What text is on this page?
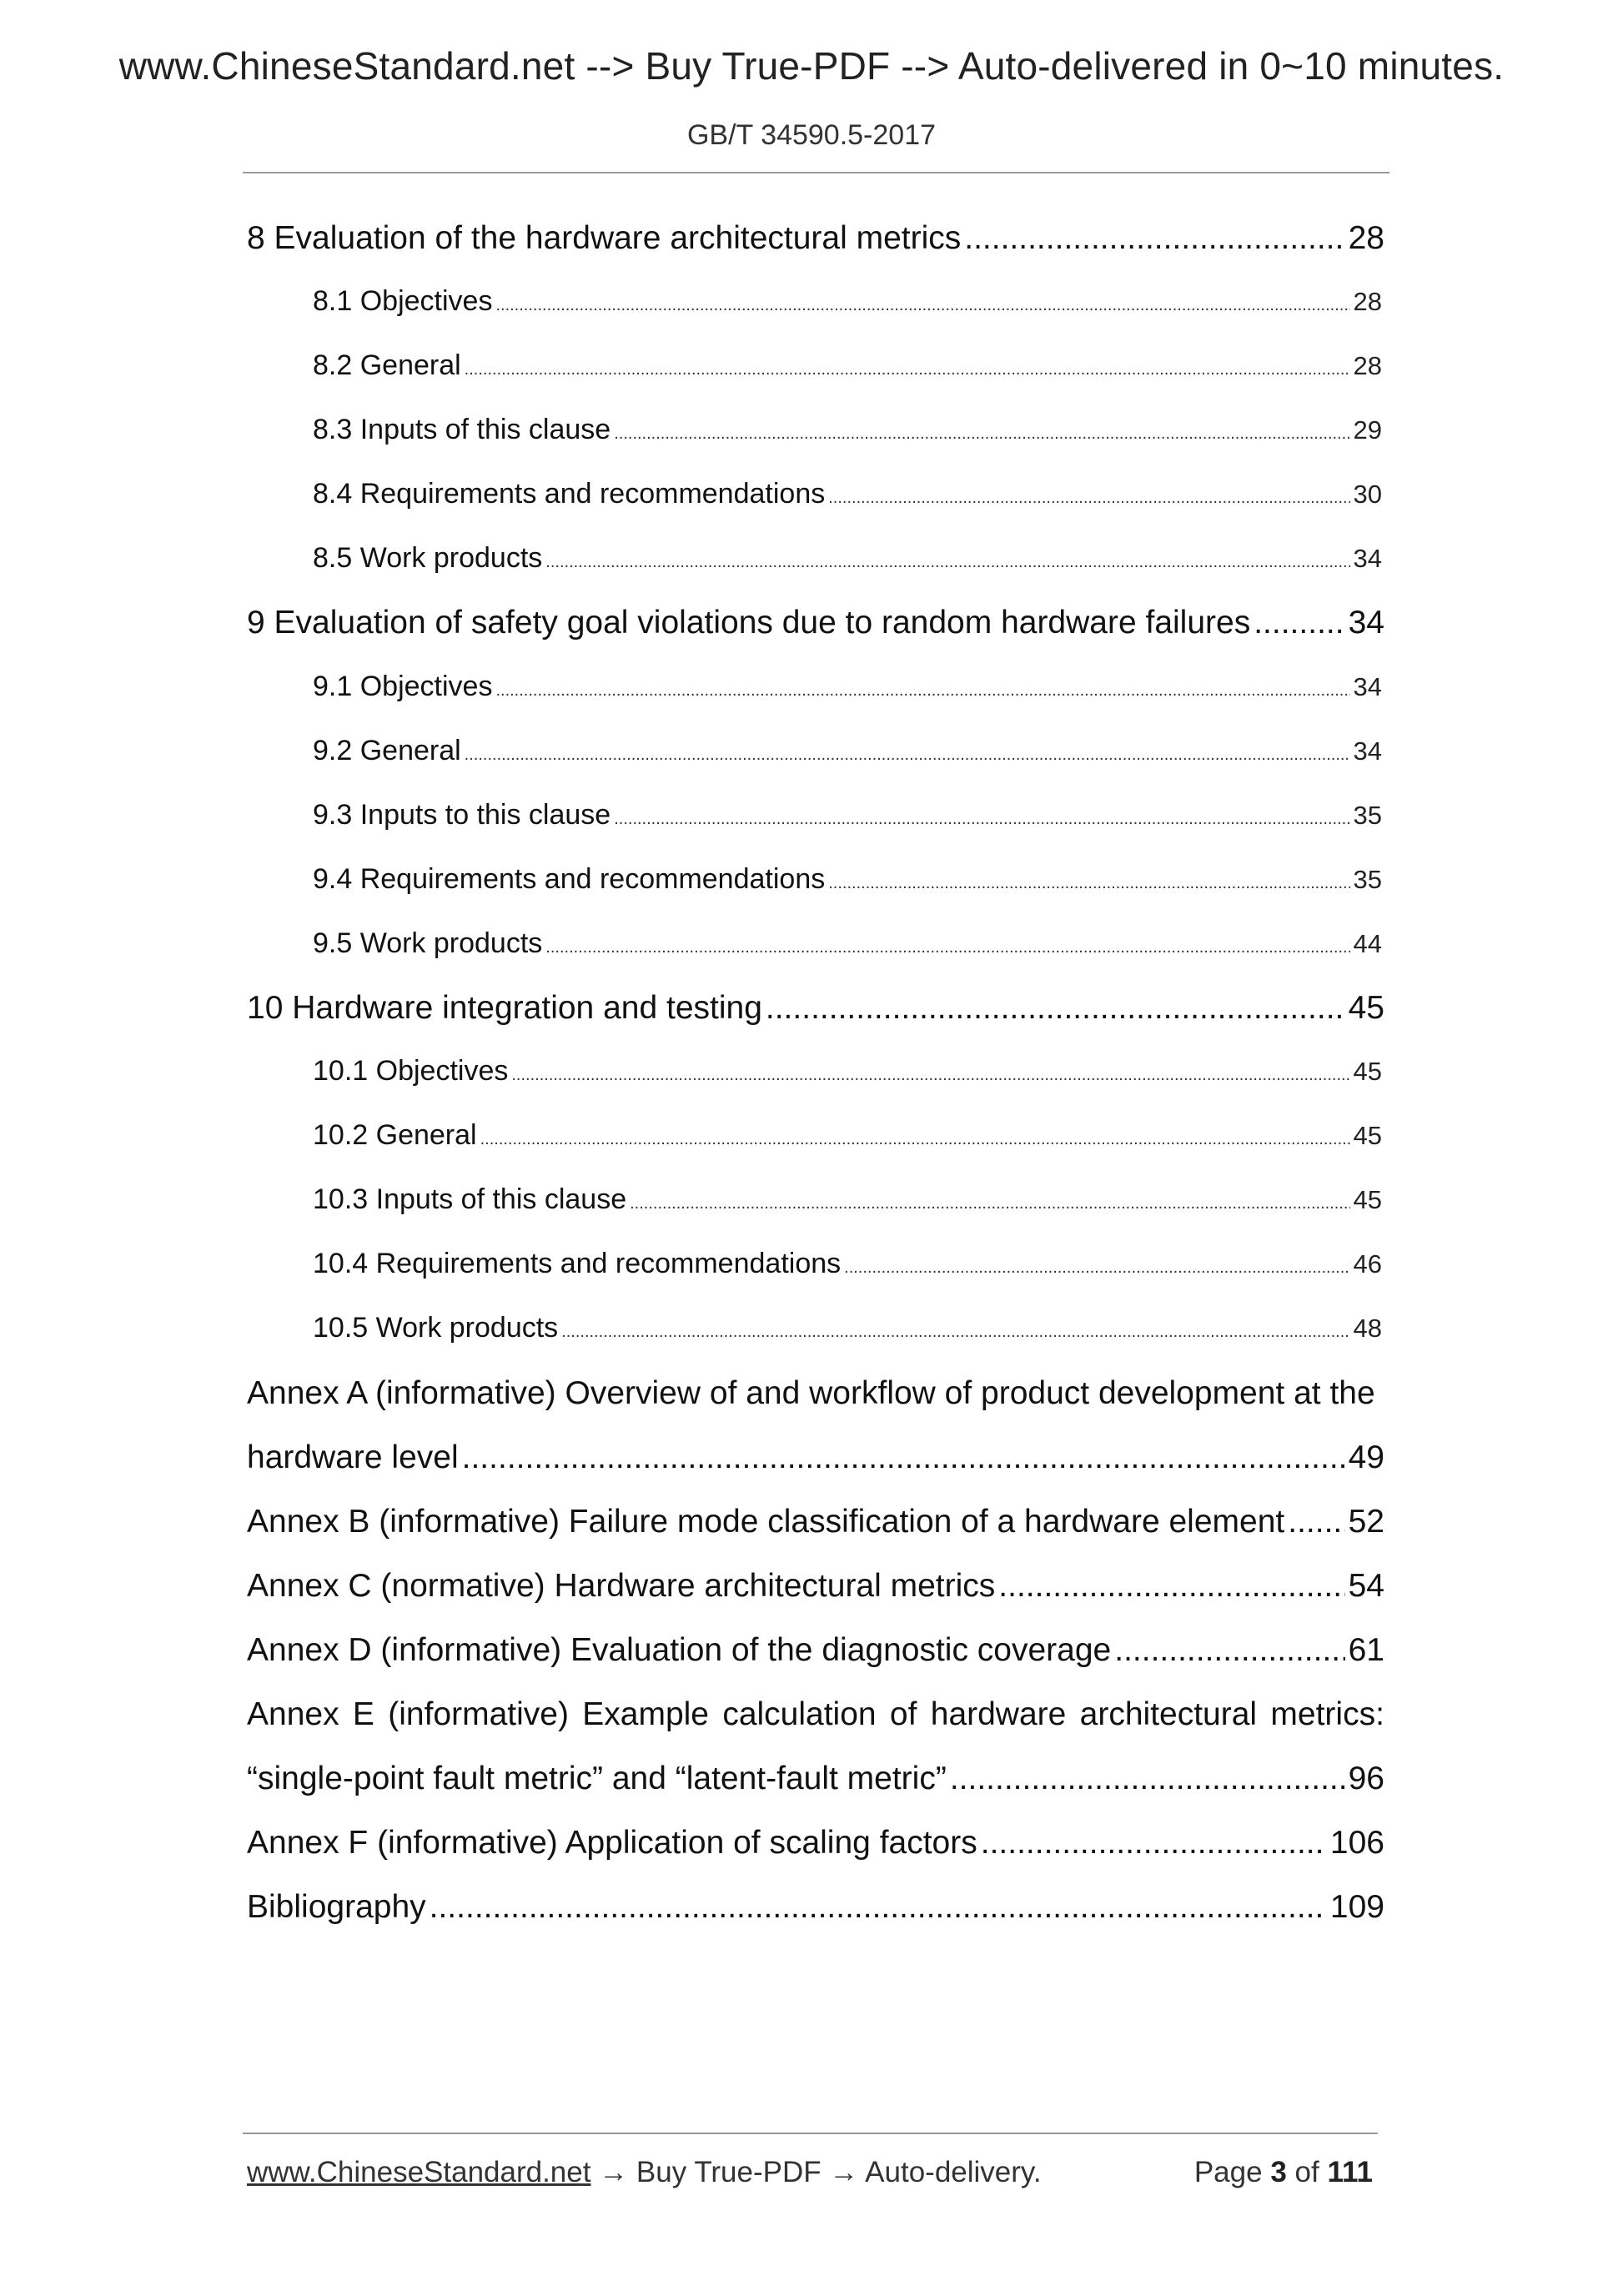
www.ChineseStandard.net --> Buy True-PDF --> Auto-delivered in 0~10 minutes.
GB/T 34590.5-2017
8 Evaluation of the hardware architectural metrics .....	28
8.1 Objectives .....	28
8.2 General .....	28
8.3 Inputs of this clause .....	29
8.4 Requirements and recommendations .....	30
8.5 Work products .....	34
9 Evaluation of safety goal violations due to random hardware failures .....	34
9.1 Objectives .....	34
9.2 General .....	34
9.3 Inputs to this clause .....	35
9.4 Requirements and recommendations .....	35
9.5 Work products .....	44
10 Hardware integration and testing .....	45
10.1 Objectives .....	45
10.2 General .....	45
10.3 Inputs of this clause .....	45
10.4 Requirements and recommendations .....	46
10.5 Work products .....	48
Annex A (informative) Overview of and workflow of product development at the
hardware level .....	49
Annex B (informative) Failure mode classification of a hardware element ..... 52
Annex C (normative) Hardware architectural metrics .....	54
Annex D (informative) Evaluation of the diagnostic coverage .....	61
Annex E (informative) Example calculation of hardware architectural metrics:
“single-point fault metric” and “latent-fault metric” .....	96
Annex F (informative) Application of scaling factors .....	106
Bibliography .....	109
www.ChineseStandard.net → Buy True-PDF → Auto-delivery.	Page 3 of 111
